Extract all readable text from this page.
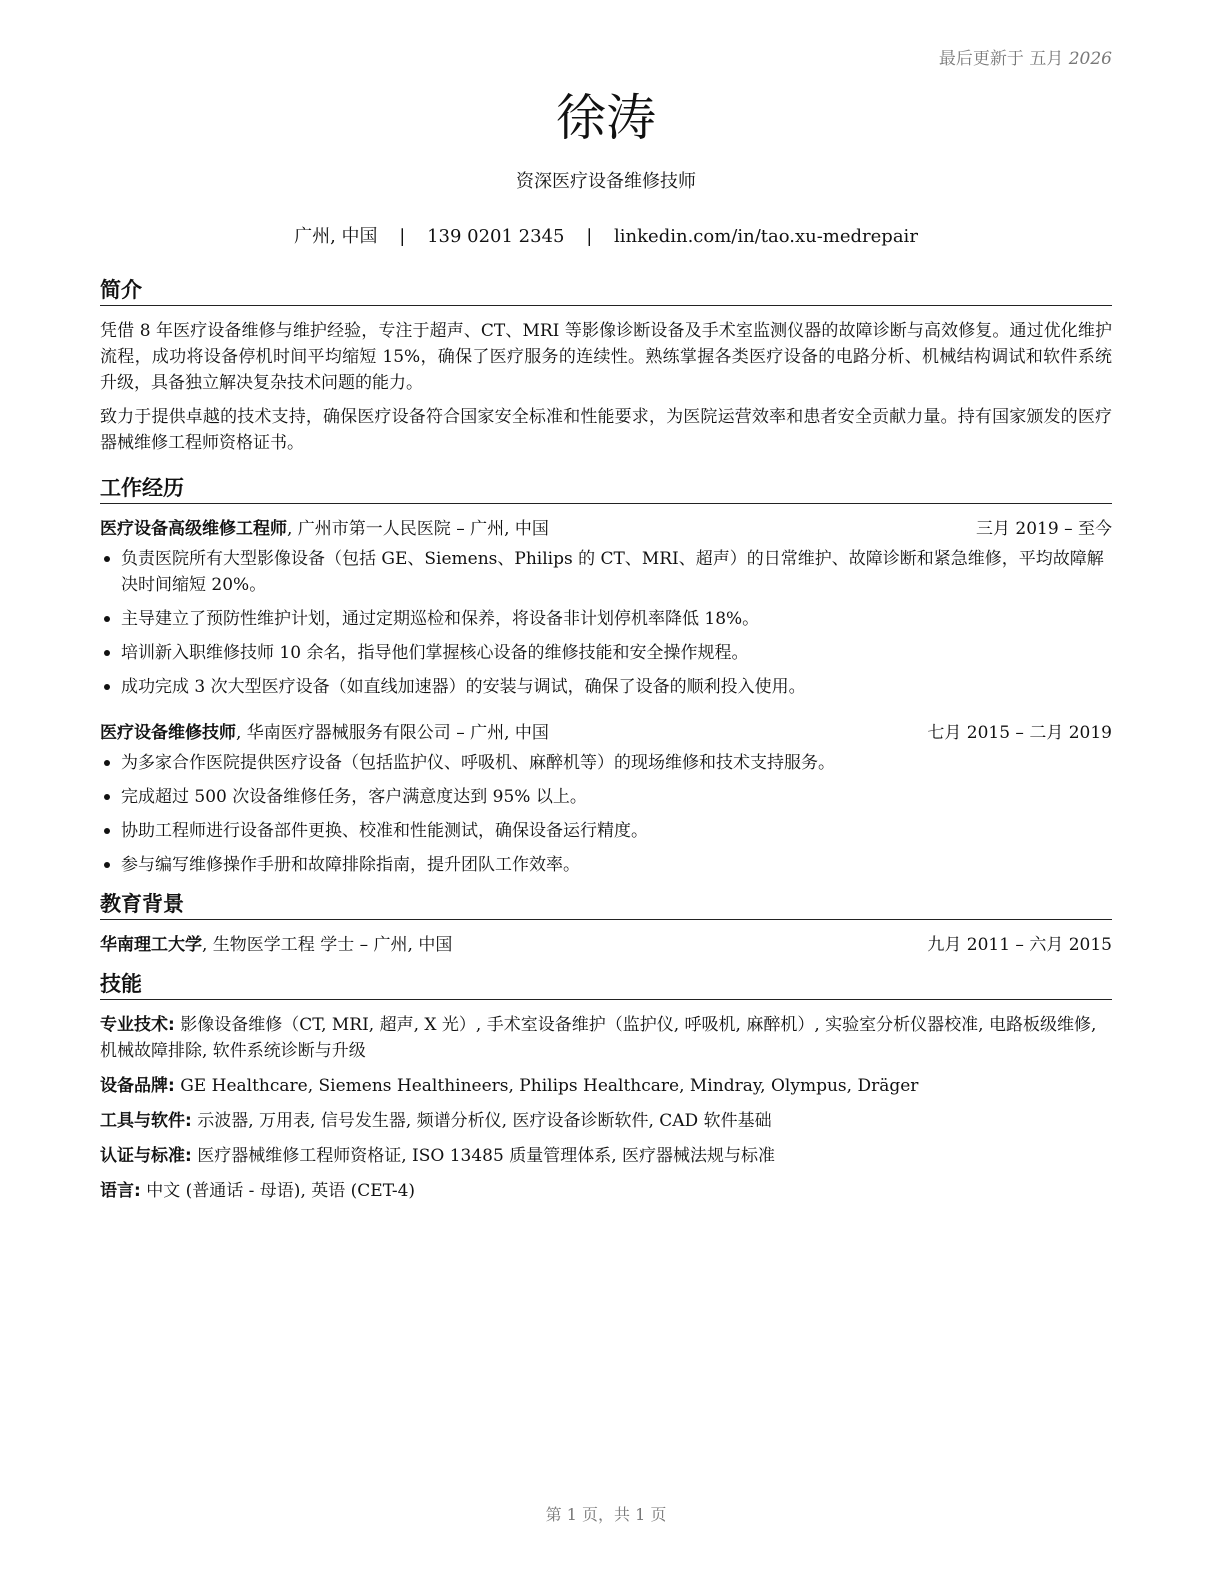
最后更新于 五月 2026
徐涛
资深医疗设备维修技师
广州, 中国 | 139 0201 2345 | linkedin.com/in/tao.xu-medrepair
简介

凭借 8 年医疗设备维修与维护经验，专注于超声、CT、MRI 等影像诊断设备及手术室监测仪器的故障诊断与高效修复。通过优化维护流程，成功将设备停机时间平均缩短 15%，确保了医疗服务的连续性。熟练掌握各类医疗设备的电路分析、机械结构调试和软件系统升级，具备独立解决复杂技术问题的能力。

致力于提供卓越的技术支持，确保医疗设备符合国家安全标准和性能要求，为医院运营效率和患者安全贡献力量。持有国家颁发的医疗器械维修工程师资格证书。

工作经历
医疗设备高级维修工程师, 广州市第一人民医院 – 广州, 中国	三月 2019 – 至今
负责医院所有大型影像设备（包括 GE、Siemens、Philips 的 CT、MRI、超声）的日常维护、故障诊断和紧急维修，平均故障解决时间缩短 20%。
主导建立了预防性维护计划，通过定期巡检和保养，将设备非计划停机率降低 18%。
培训新入职维修技师 10 余名，指导他们掌握核心设备的维修技能和安全操作规程。
成功完成 3 次大型医疗设备（如直线加速器）的安装与调试，确保了设备的顺利投入使用。
医疗设备维修技师, 华南医疗器械服务有限公司 – 广州, 中国	七月 2015 – 二月 2019
为多家合作医院提供医疗设备（包括监护仪、呼吸机、麻醉机等）的现场维修和技术支持服务。
完成超过 500 次设备维修任务，客户满意度达到 95% 以上。
协助工程师进行设备部件更换、校准和性能测试，确保设备运行精度。
参与编写维修操作手册和故障排除指南，提升团队工作效率。
教育背景
华南理工大学, 生物医学工程 学士 – 广州, 中国	九月 2011 – 六月 2015
技能
专业技术: 影像设备维修（CT, MRI, 超声, X 光）, 手术室设备维护（监护仪, 呼吸机, 麻醉机）, 实验室分析仪器校准, 电路板级维修, 机械故障排除, 软件系统诊断与升级
设备品牌: GE Healthcare, Siemens Healthineers, Philips Healthcare, Mindray, Olympus, Dräger
工具与软件: 示波器, 万用表, 信号发生器, 频谱分析仪, 医疗设备诊断软件, CAD 软件基础
认证与标准: 医疗器械维修工程师资格证, ISO 13485 质量管理体系, 医疗器械法规与标准
语言: 中文 (普通话 - 母语), 英语 (CET-4)
第 1 页，共 1 页
